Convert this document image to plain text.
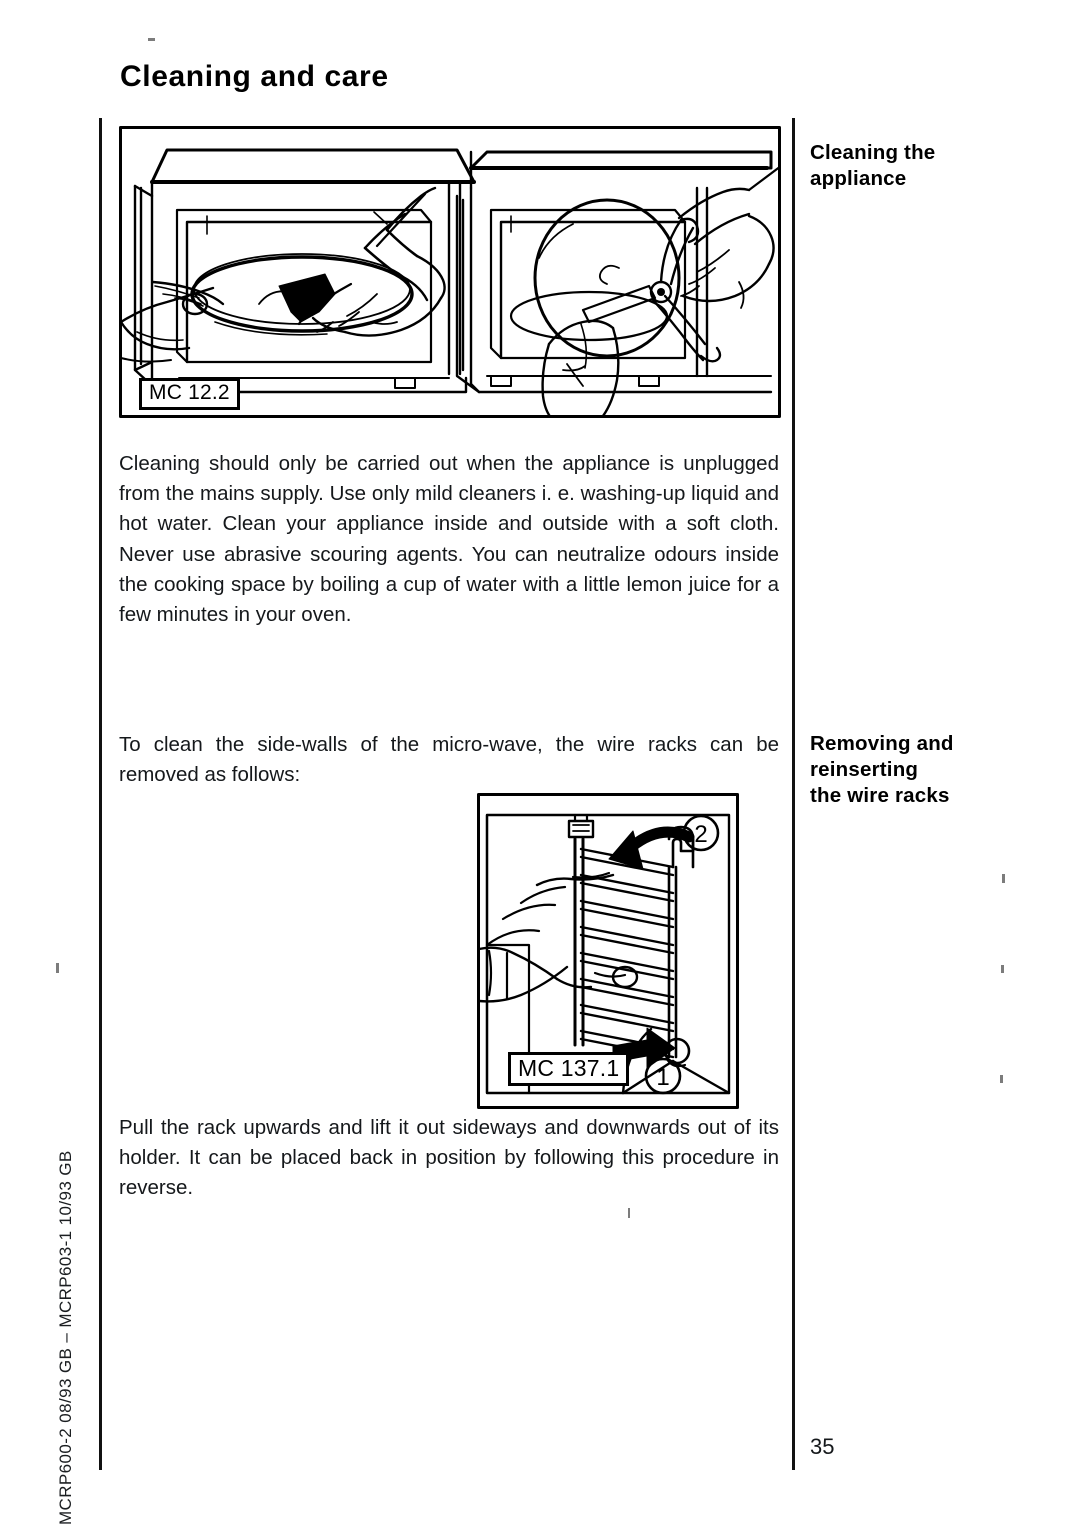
Cleaning and care
MC 12.2
Cleaning should only be carried out when the appliance is unplugged from the mains supply. Use only mild cleaners i. e. washing-up liquid and hot water. Clean your appliance inside and outside with a soft cloth. Never use abrasive scouring agents. You can neutralize odours inside the cooking space by boiling a cup of water with a little lemon juice for a few minutes in your oven.
To clean the side-walls of the micro-wave, the wire racks can be removed as follows:
2
1
MC 137.1
Pull the rack upwards and lift it out sideways and downwards out of its holder. It can be placed back in position by following this procedure in reverse.
Cleaning the
appliance
Removing and
reinserting
the wire racks
35
MCRP600-2 08/93 GB – MCRP603-1 10/93 GB
